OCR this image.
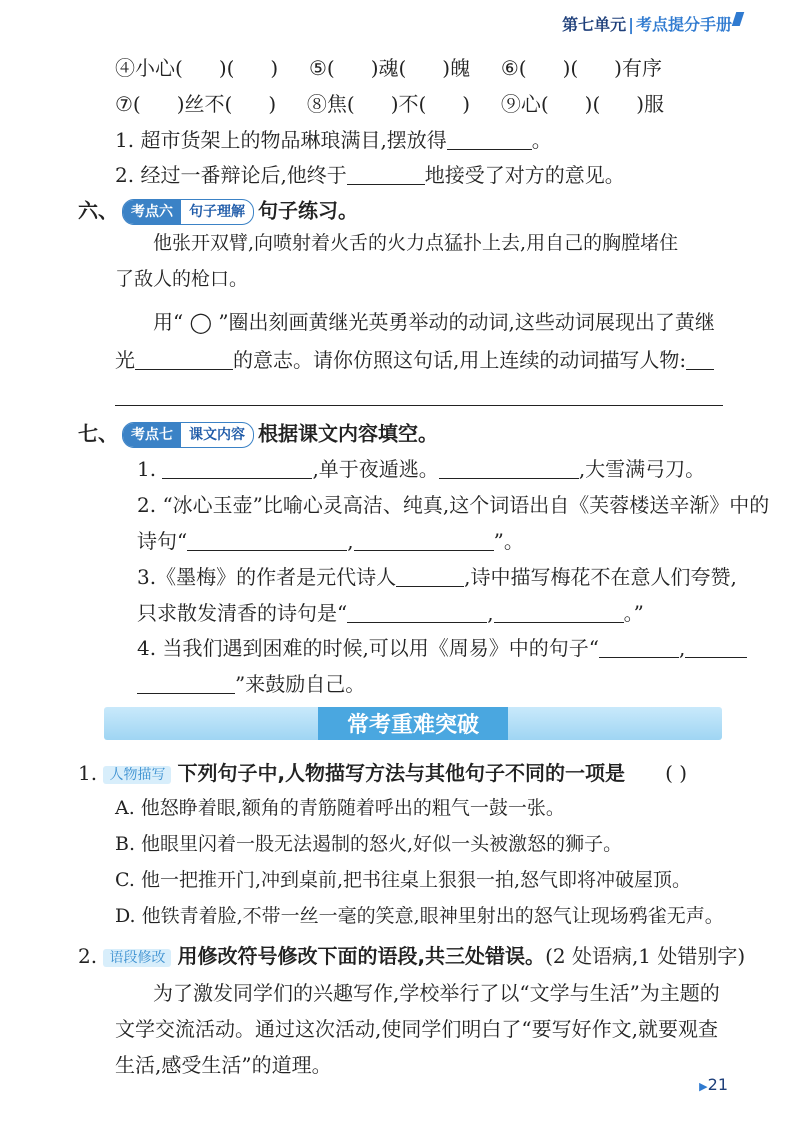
第七单元 | 考点提分手册
④小心( )( ) ⑤( )魂( )魄 ⑥( )( )有序
⑦( )丝不( ) ⑧焦( )不( ) ⑨心( )( )服
1. 超市货架上的物品琳琅满目,摆放得	。
2. 经过一番辩论后,他终于	地接受了对方的意见。
六、 考点六	句子理解 句子练习。
他张开双臂,向喷射着火舌的火力点猛扑上去,用自己的胸膛堵住
了敌人的枪口。
用“ ◯ ”圈出刻画黄继光英勇举动的动词,这些动词展现出了黄继
光	的意志。请你仿照这句话,用上连续的动词描写人物:
七、 考点七	课文内容 根据课文内容填空。
1.	,单于夜遁逃。	,大雪满弓刀。
2. “冰心玉壶”比喻心灵高洁、纯真,这个词语出自《芙蓉楼送辛渐》中的
诗句“	,	”。
3.《墨梅》的作者是元代诗人	,诗中描写梅花不在意人们夸赞,
只求散发清香的诗句是“	,	。”
4. 当我们遇到困难的时候,可以用《周易》中的句子“	,
”来鼓励自己。
常考重难突破
1. 人物描写 下列句子中,人物描写方法与其他句子不同的一项是 ( )
A. 他怒睁着眼,额角的青筋随着呼出的粗气一鼓一张。
B. 他眼里闪着一股无法遏制的怒火,好似一头被激怒的狮子。
C. 他一把推开门,冲到桌前,把书往桌上狠狠一拍,怒气即将冲破屋顶。
D. 他铁青着脸,不带一丝一毫的笑意,眼神里射出的怒气让现场鸦雀无声。
2. 语段修改 用修改符号修改下面的语段,共三处错误。(2 处语病,1 处错别字)
为了激发同学们的兴趣写作,学校举行了以“文学与生活”为主题的
文学交流活动。通过这次活动,使同学们明白了“要写好作文,就要观查
生活,感受生活”的道理。
▶21
